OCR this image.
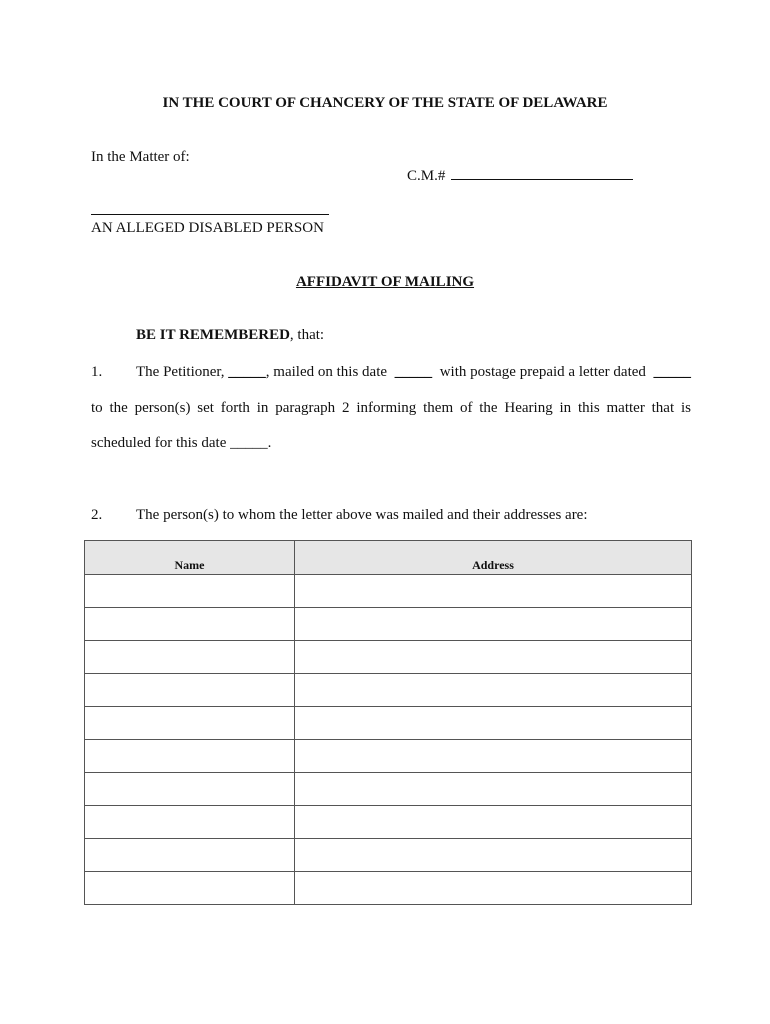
IN THE COURT OF CHANCERY OF THE STATE OF DELAWARE
In the Matter of:
C.M.#
AN ALLEGED DISABLED PERSON
AFFIDAVIT OF MAILING
BE IT REMEMBERED, that:
1. The Petitioner, _____, mailed on this date _____ with postage prepaid a letter dated _____
to the person(s) set forth in paragraph 2 informing them of the Hearing in this matter that is
scheduled for this date _____.
2. The person(s) to whom the letter above was mailed and their addresses are:
Name	Address
